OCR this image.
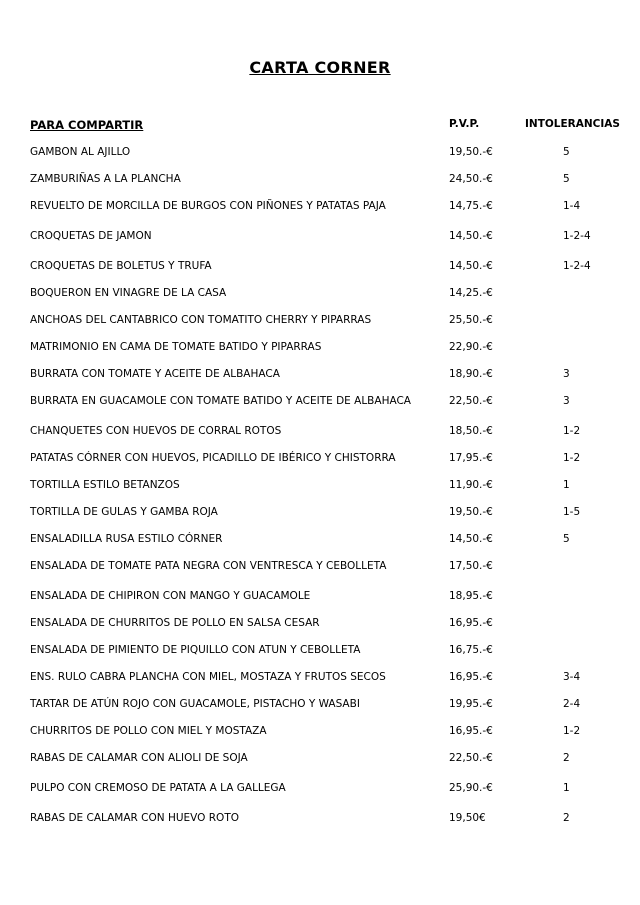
CARTA CORNER
PARA COMPARTIR	P.V.P.	INTOLERANCIAS
GAMBON AL AJILLO	19,50.-€	5
ZAMBURIÑAS A LA PLANCHA	24,50.-€	5
REVUELTO DE MORCILLA DE BURGOS CON PIÑONES Y PATATAS PAJA	14,75.-€	1-4
CROQUETAS DE JAMON	14,50.-€	1-2-4
CROQUETAS DE BOLETUS Y TRUFA	14,50.-€	1-2-4
BOQUERON EN VINAGRE DE LA CASA	14,25.-€
ANCHOAS DEL CANTABRICO CON TOMATITO CHERRY Y PIPARRAS	25,50.-€
MATRIMONIO EN CAMA DE TOMATE BATIDO Y PIPARRAS	22,90.-€
BURRATA CON TOMATE Y ACEITE DE ALBAHACA	18,90.-€	3
BURRATA EN GUACAMOLE CON TOMATE BATIDO Y ACEITE DE ALBAHACA	22,50.-€	3
CHANQUETES CON HUEVOS DE CORRAL ROTOS	18,50.-€	1-2
PATATAS CÓRNER CON HUEVOS, PICADILLO DE IBÉRICO Y CHISTORRA	17,95.-€	1-2
TORTILLA ESTILO BETANZOS	11,90.-€	1
TORTILLA DE GULAS Y GAMBA ROJA	19,50.-€	1-5
ENSALADILLA RUSA ESTILO CÓRNER	14,50.-€	5
ENSALADA DE TOMATE PATA NEGRA CON VENTRESCA Y CEBOLLETA	17,50.-€
ENSALADA DE CHIPIRON CON MANGO Y GUACAMOLE	18,95.-€
ENSALADA DE CHURRITOS DE POLLO EN SALSA CESAR	16,95.-€
ENSALADA DE PIMIENTO DE PIQUILLO CON ATUN Y CEBOLLETA	16,75.-€
ENS. RULO CABRA PLANCHA CON MIEL, MOSTAZA Y FRUTOS SECOS	16,95.-€	3-4
TARTAR DE ATÚN ROJO CON GUACAMOLE, PISTACHO Y WASABI	19,95.-€	2-4
CHURRITOS DE POLLO CON MIEL Y MOSTAZA	16,95.-€	1-2
RABAS DE CALAMAR CON ALIOLI DE SOJA	22,50.-€	2
PULPO CON CREMOSO DE PATATA A LA GALLEGA	25,90.-€	1
RABAS DE CALAMAR CON HUEVO ROTO	19,50€	2
